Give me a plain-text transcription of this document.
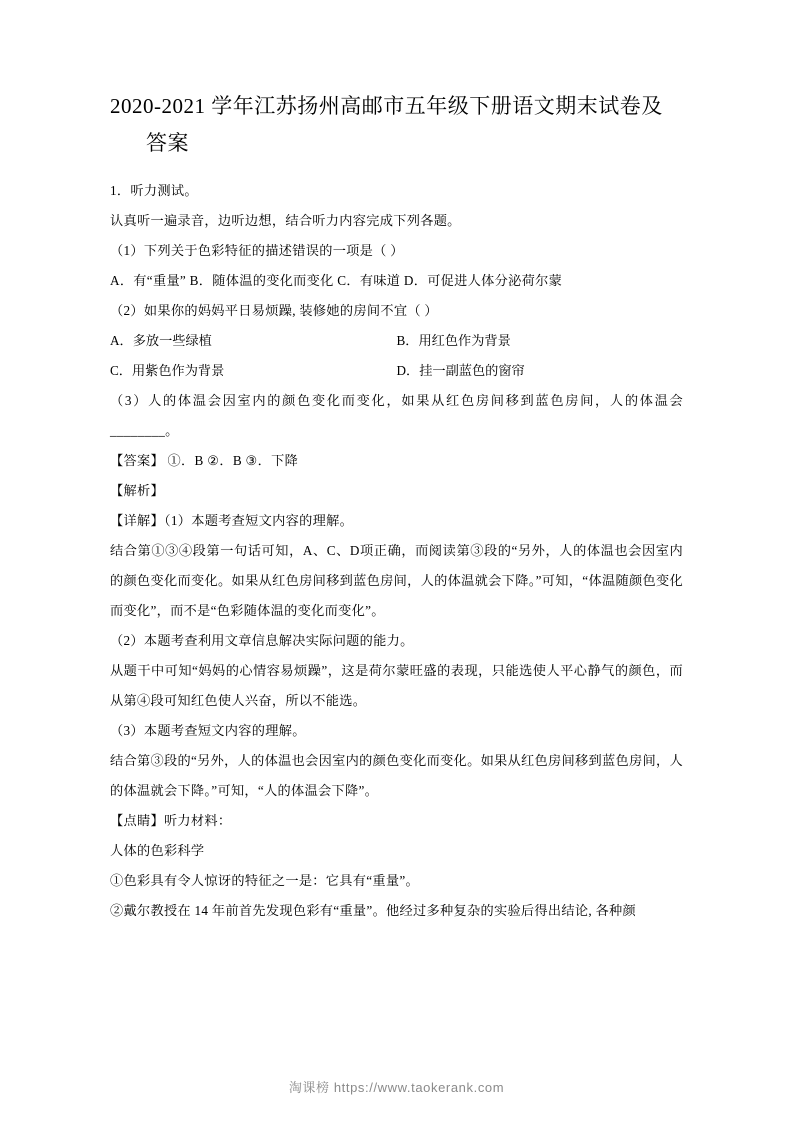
2020-2021 学年江苏扬州高邮市五年级下册语文期末试卷及
答案

1．听力测试。

认真听一遍录音，边听边想，结合听力内容完成下列各题。

（1）下列关于色彩特征的描述错误的一项是（ ）

A．有“重量” B．随体温的变化而变化 C．有味道 D．可促进人体分泌荷尔蒙

（2）如果你的妈妈平日易烦躁, 装修她的房间不宜（ ）

A．多放一些绿植	B．用红色作为背景
C．用紫色作为背景	D．挂一副蓝色的窗帘

（3）人的体温会因室内的颜色变化而变化，如果从红色房间移到蓝色房间，人的体温会________。

【答案】 ①．B ②．B ③．下降

【解析】

【详解】（1）本题考查短文内容的理解。

结合第①③④段第一句话可知，A、C、D项正确，而阅读第③段的“另外，人的体温也会因室内的颜色变化而变化。如果从红色房间移到蓝色房间，人的体温就会下降。”可知，“体温随颜色变化而变化”，而不是“色彩随体温的变化而变化”。

（2）本题考查利用文章信息解决实际问题的能力。

从题干中可知“妈妈的心情容易烦躁”，这是荷尔蒙旺盛的表现，只能选使人平心静气的颜色，而从第④段可知红色使人兴奋，所以不能选。

（3）本题考查短文内容的理解。

结合第③段的“另外，人的体温也会因室内的颜色变化而变化。如果从红色房间移到蓝色房间，人的体温就会下降。”可知，“人的体温会下降”。

【点睛】听力材料：

人体的色彩科学

①色彩具有令人惊讶的特征之一是：它具有“重量”。

②戴尔教授在 14 年前首先发现色彩有“重量”。他经过多种复杂的实验后得出结论, 各种颜

淘课榜 https://www.taokerank.com
